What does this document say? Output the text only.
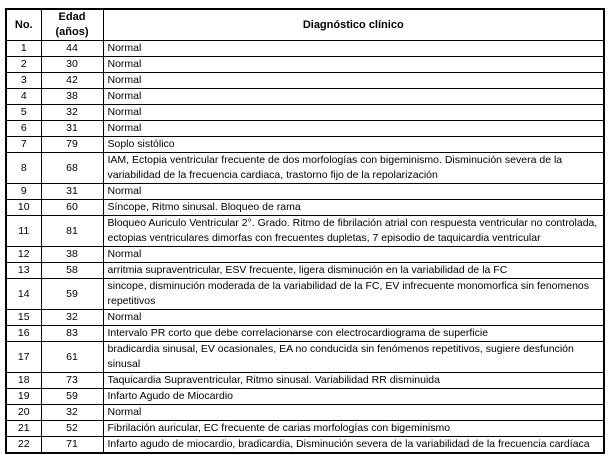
No.	Edad (años)	Diagnóstico clínico
1	44	Normal
2	30	Normal
3	42	Normal
4	38	Normal
5	32	Normal
6	31	Normal
7	79	Soplo sistólico
8	68	IAM, Ectopia ventricular frecuente de dos morfologías con bigeminismo. Disminución severa de la variabilidad de la frecuencia cardiaca, trastorno fijo de la repolarización
9	31	Normal
10	60	Síncope, Ritmo sinusal. Bloqueo de rama
11	81	Bloqueo Auriculo Ventricular 2°. Grado. Ritmo de fibrilación atrial con respuesta ventricular no controlada, ectopias ventriculares dimorfas con frecuentes dupletas, 7 episodio de taquicardia ventricular
12	38	Normal
13	58	arritmia supraventricular, ESV frecuente, ligera disminución en la variabilidad de la FC
14	59	sincope, disminución moderada de la variabilidad de la FC, EV infrecuente monomorfica sin fenomenos repetitivos
15	32	Normal
16	83	Intervalo PR corto que debe correlacionarse con electrocardiograma de superficie
17	61	bradicardia sinusal, EV ocasionales, EA no conducida sin fenómenos repetitivos, sugiere desfunción sinusal
18	73	Taquicardia Supraventricular, Ritmo sinusal. Variabilidad RR disminuida
19	59	Infarto Agudo de Miocardio
20	32	Normal
21	52	Fibrilación auricular, EC frecuente de carias morfologías con bigeminismo
22	71	Infarto agudo de miocardio, bradicardia, Disminución severa de la variabilidad de la frecuencia cardíaca
